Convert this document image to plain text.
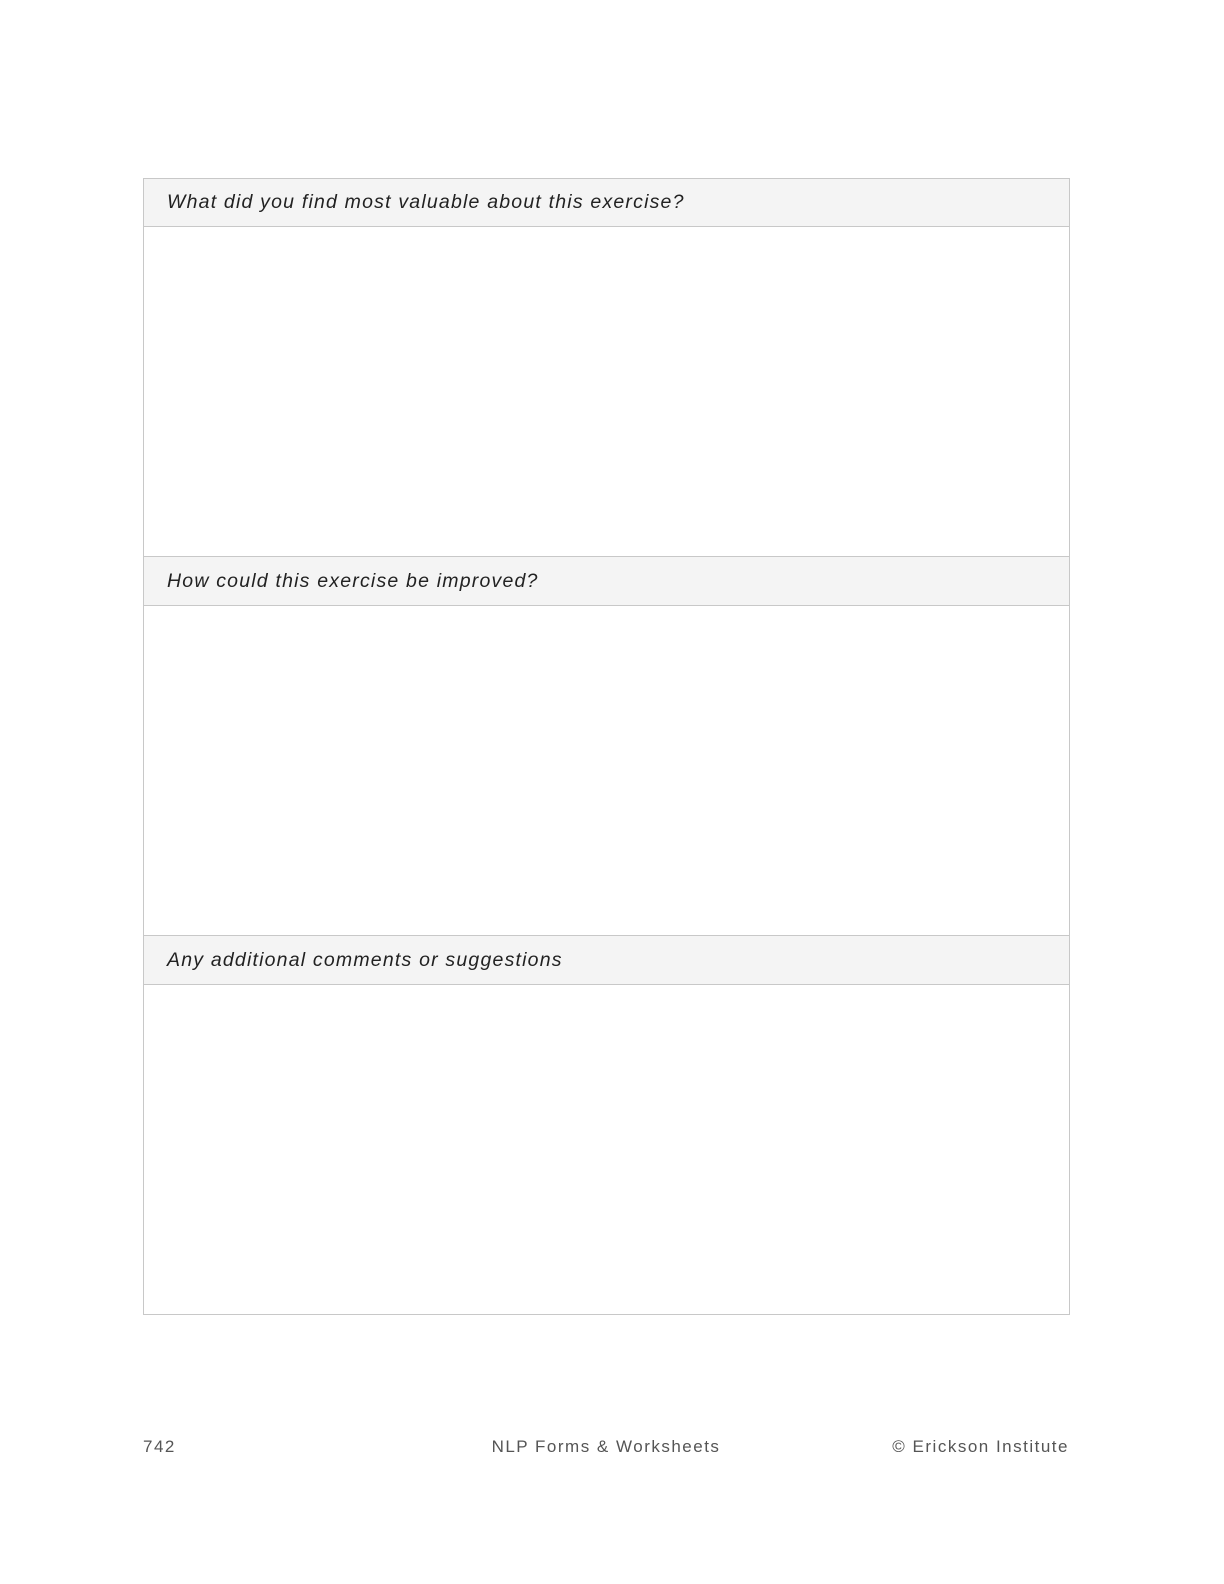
What did you find most valuable about this exercise?
How could this exercise be improved?
Any additional comments or suggestions
742	NLP Forms & Worksheets	© Erickson Institute
